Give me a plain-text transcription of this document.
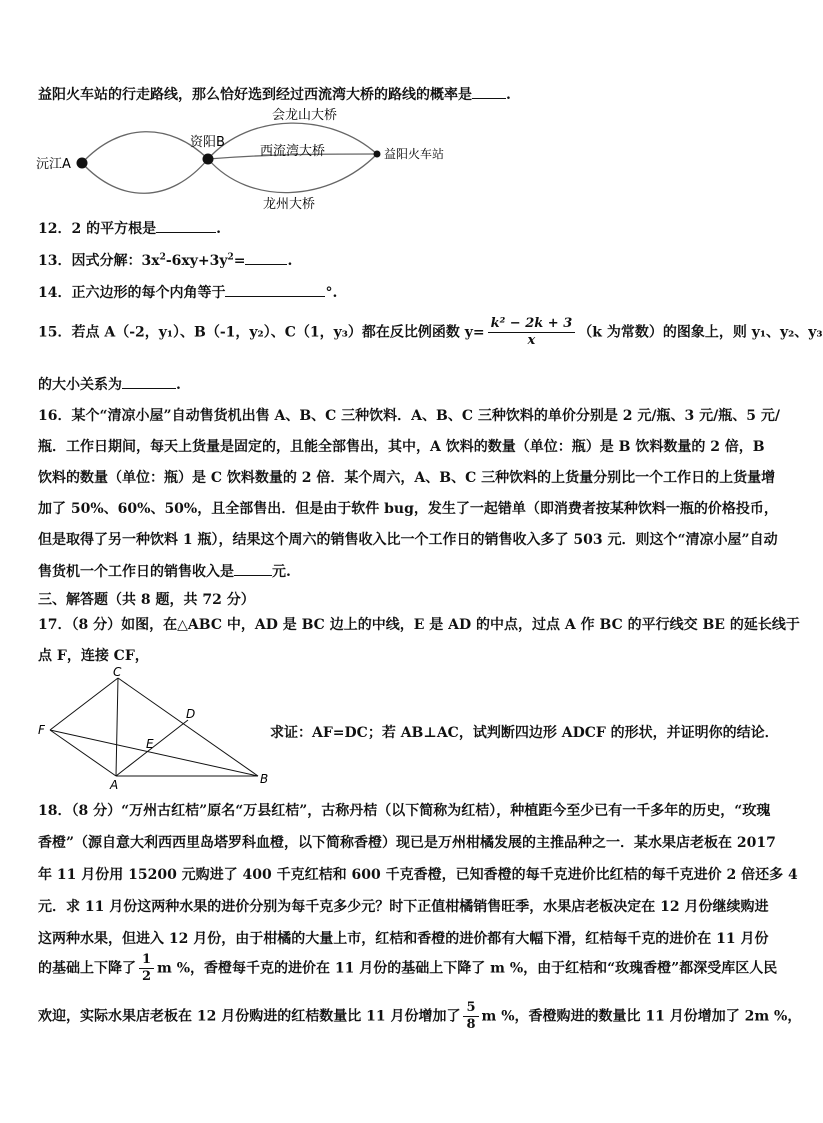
益阳火车站的行走路线，那么恰好选到经过西流湾大桥的路线的概率是 .
沅江A
资阳B
益阳火车站
会龙山大桥
西流湾大桥
龙州大桥
12．2 的平方根是	.
13．因式分解：$3x^2-6xy+3y^2=$	.
14．正六边形的每个内角等于	°.
15．若点 A（-2，y₁）、B（-1，y₂）、C（1，y₃）都在反比例函数 $y= \frac{\text{k² − 2k + 3}}{x} (k$ 为常数）的图象上，则 y₁、y₂、y₃
的大小关系为	.
16．某个“清凉小屋”自动售货机出售 A、B、C 三种饮料．A、B、C 三种饮料的单价分别是 2 元/瓶、3 元/瓶、5 元/
瓶．工作日期间，每天上货量是固定的，且能全部售出，其中，A 饮料的数量（单位：瓶）是 B 饮料数量的 2 倍，B
饮料的数量（单位：瓶）是 C 饮料数量的 2 倍．某个周六，A、B、C 三种饮料的上货量分别比一个工作日的上货量增
加了 50%、60%、50%，且全部售出．但是由于软件 bug，发生了一起错单（即消费者按某种饮料一瓶的价格投币，
但是取得了另一种饮料 1 瓶），结果这个周六的销售收入比一个工作日的销售收入多了 503 元．则这个“清凉小屋”自动
售货机一个工作日的销售收入是	元.
三、解答题（共 8 题，共 72 分）
17．（8 分）如图，在△ABC 中，AD 是 BC 边上的中线，E 是 AD 的中点，过点 A 作 BC 的平行线交 BE 的延长线于
点 F，连接 CF，
C
F
D
E
A	B
求证：AF=DC；若 AB⊥AC，试判断四边形 ADCF 的形状，并证明你的结论．
18．（8 分）“万州古红桔”原名“万县红桔”，古称丹桔（以下简称为红桔），种植距今至少已有一千多年的历史，“玫瑰
香橙”（源自意大利西西里岛塔罗科血橙，以下简称香橙）现已是万州柑橘发展的主推品种之一．某水果店老板在 2017
年 11 月份用 15200 元购进了 400 千克红桔和 600 千克香橙，已知香橙的每千克进价比红桔的每千克进价 2 倍还多 4
元．求 11 月份这两种水果的进价分别为每千克多少元？时下正值柑橘销售旺季，水果店老板决定在 12 月份继续购进
这两种水果，但进入 12 月份，由于柑橘的大量上市，红桔和香橙的进价都有大幅下滑，红桔每千克的进价在 11 月份
的基础上下降了 $\frac{1}{2}$ m %，香橙每千克的进价在 11 月份的基础上下降了 m %，由于红桔和“玫瑰香橙”都深受库区人民
欢迎，实际水果店老板在 12 月份购进的红桔数量比 11 月份增加了 $\frac{5}{8}$ m %，香橙购进的数量比 11 月份增加了 2m %，
